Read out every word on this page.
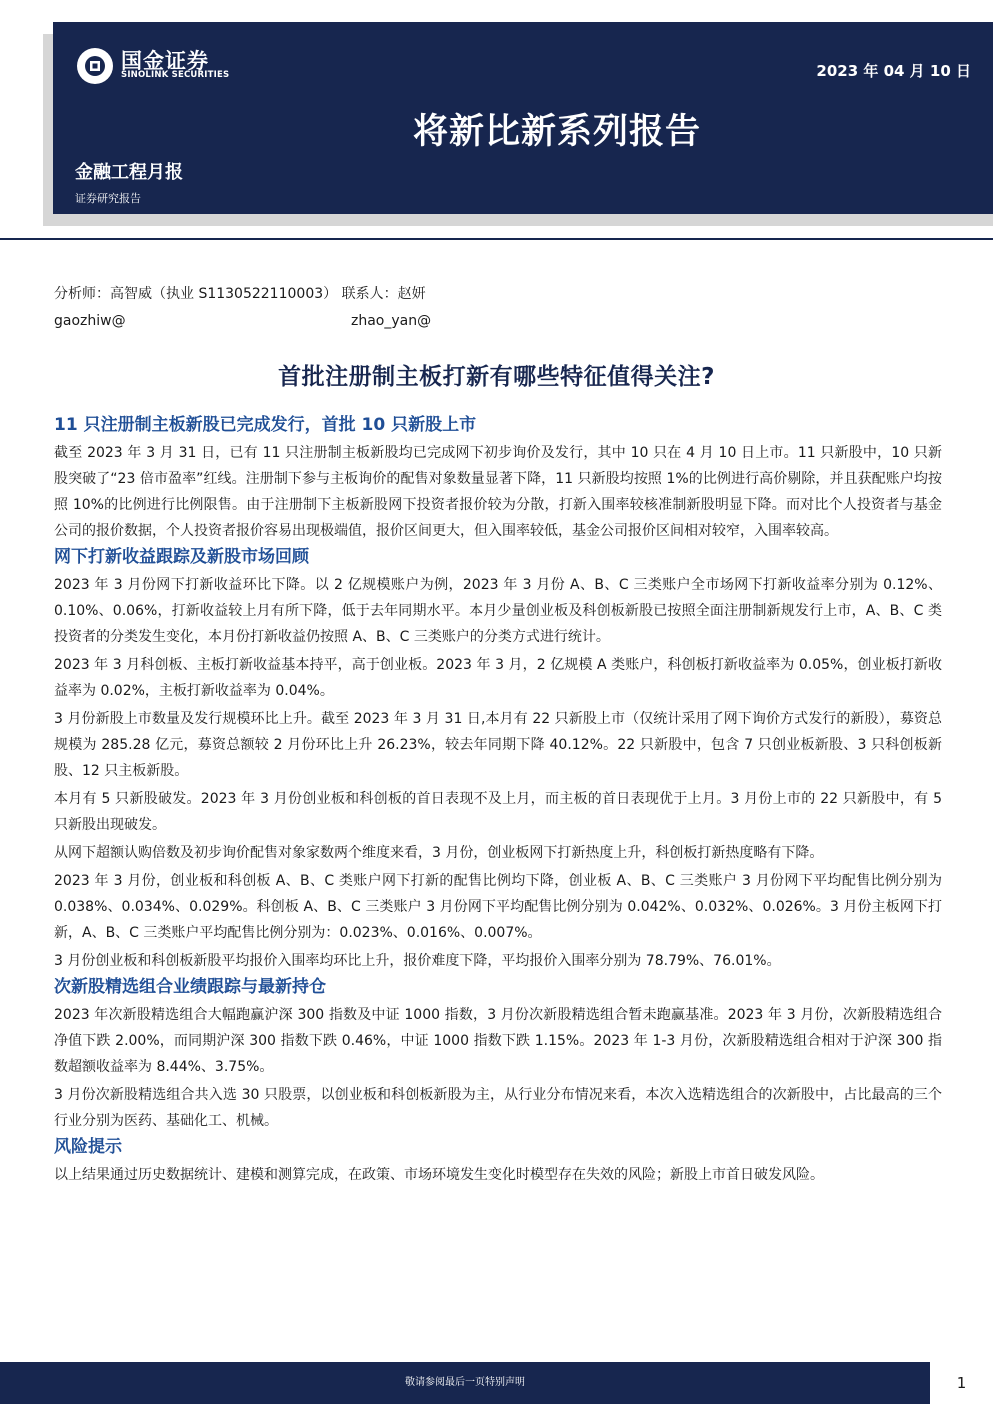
国金证券
SINOLINK SECURITIES	2023 年 04 月 10 日
将新比新系列报告
金融工程月报
证券研究报告
分析师：高智威（执业 S1130522110003） 联系人：赵妍
gaozhiw@	zhao_yan@
首批注册制主板打新有哪些特征值得关注?
11 只注册制主板新股已完成发行，首批 10 只新股上市

截至 2023 年 3 月 31 日，已有 11 只注册制主板新股均已完成网下初步询价及发行，其中 10 只在 4 月 10 日上市。11 只新股中，10 只新股突破了“23 倍市盈率”红线。注册制下参与主板询价的配售对象数量显著下降，11 只新股均按照 1%的比例进行高价剔除，并且获配账户均按照 10%的比例进行比例限售。由于注册制下主板新股网下投资者报价较为分散，打新入围率较核准制新股明显下降。而对比个人投资者与基金公司的报价数据，个人投资者报价容易出现极端值，报价区间更大，但入围率较低，基金公司报价区间相对较窄，入围率较高。

网下打新收益跟踪及新股市场回顾

2023 年 3 月份网下打新收益环比下降。以 2 亿规模账户为例，2023 年 3 月份 A、B、C 三类账户全市场网下打新收益率分别为 0.12%、0.10%、0.06%，打新收益较上月有所下降，低于去年同期水平。本月少量创业板及科创板新股已按照全面注册制新规发行上市，A、B、C 类投资者的分类发生变化，本月份打新收益仍按照 A、B、C 三类账户的分类方式进行统计。

2023 年 3 月科创板、主板打新收益基本持平，高于创业板。2023 年 3 月，2 亿规模 A 类账户，科创板打新收益率为 0.05%，创业板打新收益率为 0.02%，主板打新收益率为 0.04%。

3 月份新股上市数量及发行规模环比上升。截至 2023 年 3 月 31 日,本月有 22 只新股上市（仅统计采用了网下询价方式发行的新股），募资总规模为 285.28 亿元，募资总额较 2 月份环比上升 26.23%，较去年同期下降 40.12%。22 只新股中，包含 7 只创业板新股、3 只科创板新股、12 只主板新股。

本月有 5 只新股破发。2023 年 3 月份创业板和科创板的首日表现不及上月，而主板的首日表现优于上月。3 月份上市的 22 只新股中，有 5 只新股出现破发。

从网下超额认购倍数及初步询价配售对象家数两个维度来看，3 月份，创业板网下打新热度上升，科创板打新热度略有下降。

2023 年 3 月份，创业板和科创板 A、B、C 类账户网下打新的配售比例均下降，创业板 A、B、C 三类账户 3 月份网下平均配售比例分别为 0.038%、0.034%、0.029%。科创板 A、B、C 三类账户 3 月份网下平均配售比例分别为 0.042%、0.032%、0.026%。3 月份主板网下打新，A、B、C 三类账户平均配售比例分别为：0.023%、0.016%、0.007%。

3 月份创业板和科创板新股平均报价入围率均环比上升，报价难度下降，平均报价入围率分别为 78.79%、76.01%。

次新股精选组合业绩跟踪与最新持仓

2023 年次新股精选组合大幅跑赢沪深 300 指数及中证 1000 指数，3 月份次新股精选组合暂未跑赢基准。2023 年 3 月份，次新股精选组合净值下跌 2.00%，而同期沪深 300 指数下跌 0.46%，中证 1000 指数下跌 1.15%。2023 年 1-3 月份，次新股精选组合相对于沪深 300 指数超额收益率为 8.44%、3.75%。

3 月份次新股精选组合共入选 30 只股票，以创业板和科创板新股为主，从行业分布情况来看，本次入选精选组合的次新股中，占比最高的三个行业分别为医药、基础化工、机械。

风险提示

以上结果通过历史数据统计、建模和测算完成，在政策、市场环境发生变化时模型存在失效的风险；新股上市首日破发风险。

敬请参阅最后一页特别声明	1
